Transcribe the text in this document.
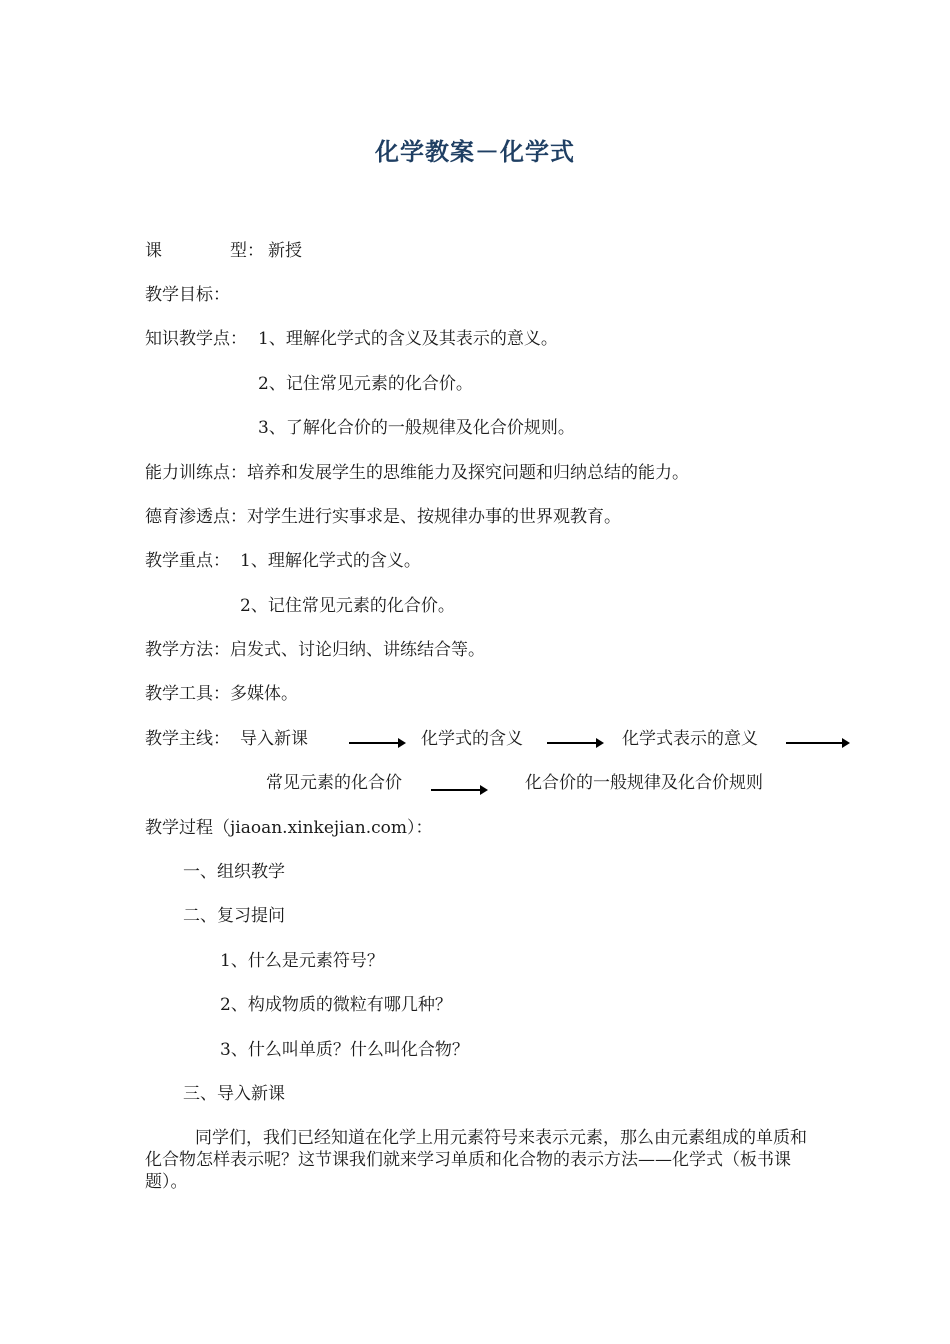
化学教案－化学式
课	型： 新授
教学目标：
知识教学点： 1、理解化学式的含义及其表示的意义。
2、记住常见元素的化合价。
3、了解化合价的一般规律及化合价规则。
能力训练点：培养和发展学生的思维能力及探究问题和归纳总结的能力。
德育渗透点：对学生进行实事求是、按规律办事的世界观教育。
教学重点： 1、理解化学式的含义。
2、记住常见元素的化合价。
教学方法：启发式、讨论归纳、讲练结合等。
教学工具：多媒体。
教学主线： 导入新课	化学式的含义	化学式表示的意义
常见元素的化合价	化合价的一般规律及化合价规则
教学过程（jiaoan.xinkejian.com）：
一、组织教学
二、复习提问
1、什么是元素符号？
2、构成物质的微粒有哪几种？
3、什么叫单质？什么叫化合物？
三、导入新课
同学们，我们已经知道在化学上用元素符号来表示元素，那么由元素组成的单质和化合物怎样表示呢？这节课我们就来学习单质和化合物的表示方法——化学式（板书课题）。
